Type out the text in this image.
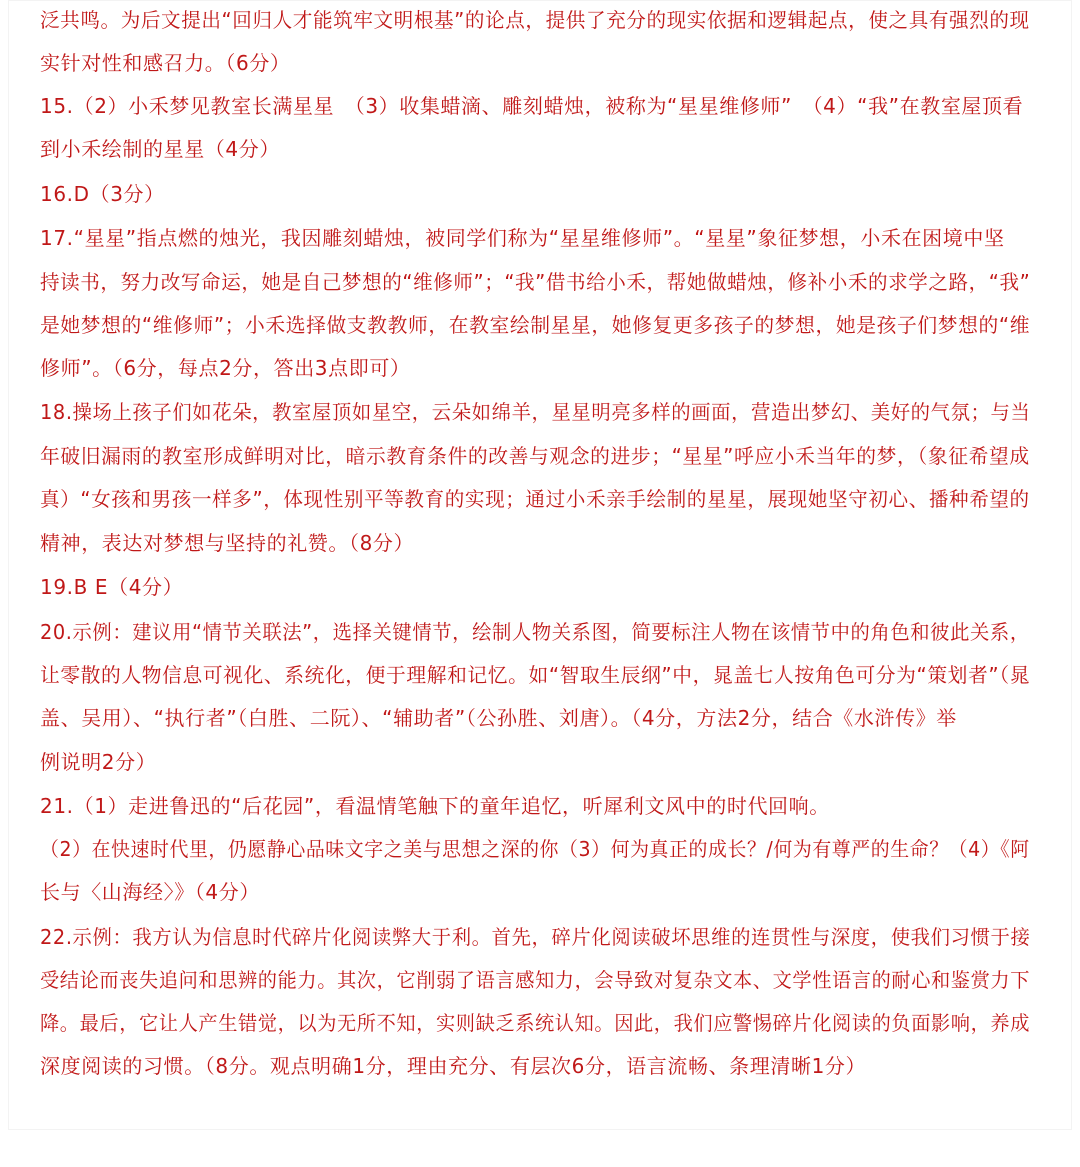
泛共鸣。为后文提出“回归人才能筑牢文明根基”的论点，提供了充分的现实依据和逻辑起点，使之具有强烈的现
实针对性和感召力。（6分）
15.（2）小禾梦见教室长满星星　（3）收集蜡滴、雕刻蜡烛，被称为“星星维修师”　（4）“我”在教室屋顶看
到小禾绘制的星星（4分）
16.D（3分）
17.“星星”指点燃的烛光，我因雕刻蜡烛，被同学们称为“星星维修师”。“星星”象征梦想，小禾在困境中坚
持读书，努力改写命运，她是自己梦想的“维修师”；“我”借书给小禾，帮她做蜡烛，修补小禾的求学之路，“我”
是她梦想的“维修师”；小禾选择做支教教师，在教室绘制星星，她修复更多孩子的梦想，她是孩子们梦想的“维
修师”。（6分，每点2分，答出3点即可）
18.操场上孩子们如花朵，教室屋顶如星空，云朵如绵羊，星星明亮多样的画面，营造出梦幻、美好的气氛；与当
年破旧漏雨的教室形成鲜明对比，暗示教育条件的改善与观念的进步；“星星”呼应小禾当年的梦，（象征希望成
真）“女孩和男孩一样多”，体现性别平等教育的实现；通过小禾亲手绘制的星星，展现她坚守初心、播种希望的
精神，表达对梦想与坚持的礼赞。（8分）
19.B E（4分）
20.示例：建议用“情节关联法”，选择关键情节，绘制人物关系图，简要标注人物在该情节中的角色和彼此关系，
让零散的人物信息可视化、系统化，便于理解和记忆。如“智取生辰纲”中，晁盖七人按角色可分为“策划者”（晁
盖、吴用）、“执行者”（白胜、二阮）、“辅助者”（公孙胜、刘唐）。（4分，方法2分，结合《水浒传》举
例说明2分）
21.（1）走进鲁迅的“后花园”，看温情笔触下的童年追忆，听犀利文风中的时代回响。
（2）在快速时代里，仍愿静心品味文字之美与思想之深的你（3）何为真正的成长？/何为有尊严的生命？（4）《阿
长与〈山海经〉》（4分）
22.示例：我方认为信息时代碎片化阅读弊大于利。首先，碎片化阅读破坏思维的连贯性与深度，使我们习惯于接
受结论而丧失追问和思辨的能力。其次，它削弱了语言感知力，会导致对复杂文本、文学性语言的耐心和鉴赏力下
降。最后，它让人产生错觉，以为无所不知，实则缺乏系统认知。因此，我们应警惕碎片化阅读的负面影响，养成
深度阅读的习惯。（8分。观点明确1分，理由充分、有层次6分，语言流畅、条理清晰1分）
